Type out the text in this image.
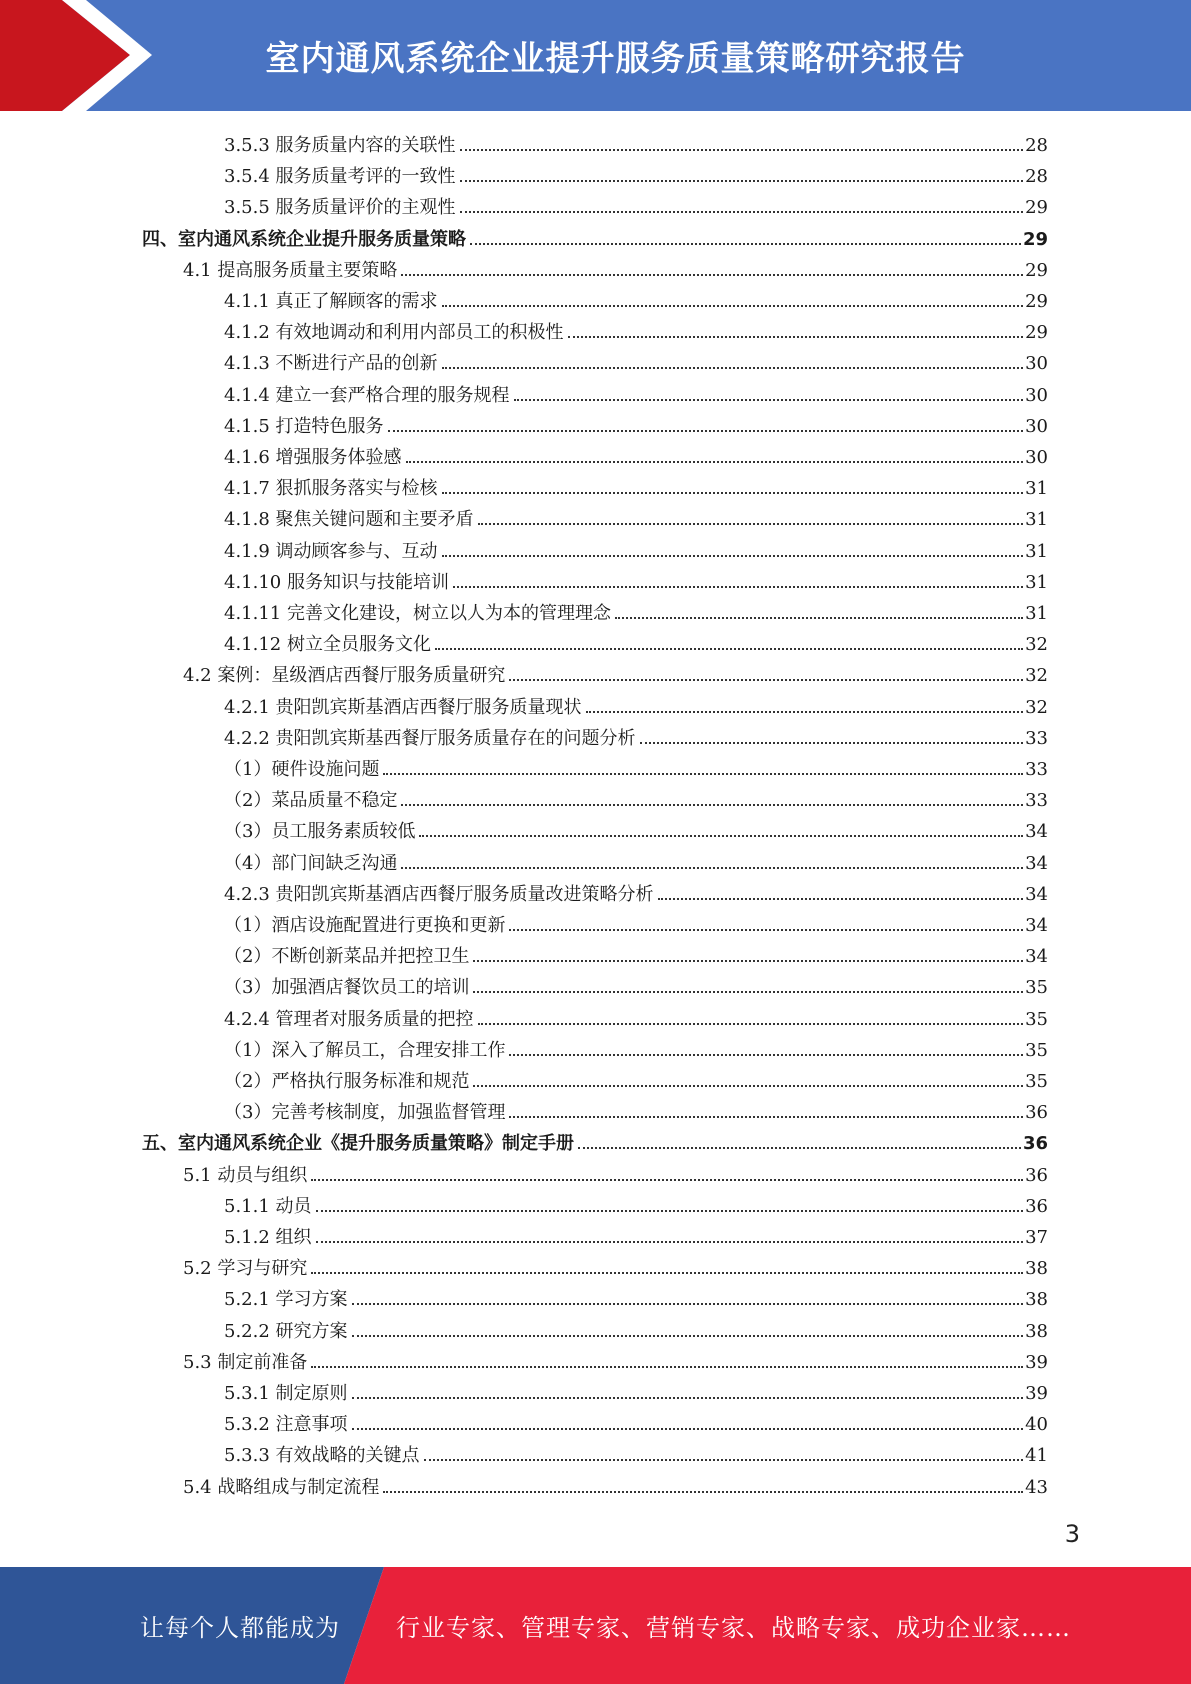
室内通风系统企业提升服务质量策略研究报告
3.5.3 服务质量内容的关联性	28
3.5.4 服务质量考评的一致性	28
3.5.5 服务质量评价的主观性	29
四、室内通风系统企业提升服务质量策略	29
4.1 提高服务质量主要策略	29
4.1.1 真正了解顾客的需求	29
4.1.2 有效地调动和利用内部员工的积极性	29
4.1.3 不断进行产品的创新	30
4.1.4 建立一套严格合理的服务规程	30
4.1.5 打造特色服务	30
4.1.6 增强服务体验感	30
4.1.7 狠抓服务落实与检核	31
4.1.8 聚焦关键问题和主要矛盾	31
4.1.9 调动顾客参与、互动	31
4.1.10 服务知识与技能培训	31
4.1.11 完善文化建设，树立以人为本的管理理念	31
4.1.12 树立全员服务文化	32
4.2 案例：星级酒店西餐厅服务质量研究	32
4.2.1 贵阳凯宾斯基酒店西餐厅服务质量现状	32
4.2.2 贵阳凯宾斯基西餐厅服务质量存在的问题分析	33
（1）硬件设施问题	33
（2）菜品质量不稳定	33
（3）员工服务素质较低	34
（4）部门间缺乏沟通	34
4.2.3 贵阳凯宾斯基酒店西餐厅服务质量改进策略分析	34
（1）酒店设施配置进行更换和更新	34
（2）不断创新菜品并把控卫生	34
（3）加强酒店餐饮员工的培训	35
4.2.4 管理者对服务质量的把控	35
（1）深入了解员工，合理安排工作	35
（2）严格执行服务标准和规范	35
（3）完善考核制度，加强监督管理	36
五、室内通风系统企业《提升服务质量策略》制定手册	36
5.1 动员与组织	36
5.1.1 动员	36
5.1.2 组织	37
5.2 学习与研究	38
5.2.1 学习方案	38
5.2.2 研究方案	38
5.3 制定前准备	39
5.3.1 制定原则	39
5.3.2 注意事项	40
5.3.3 有效战略的关键点	41
5.4 战略组成与制定流程	43
3
让每个人都能成为 行业专家、管理专家、营销专家、战略专家、成功企业家……
